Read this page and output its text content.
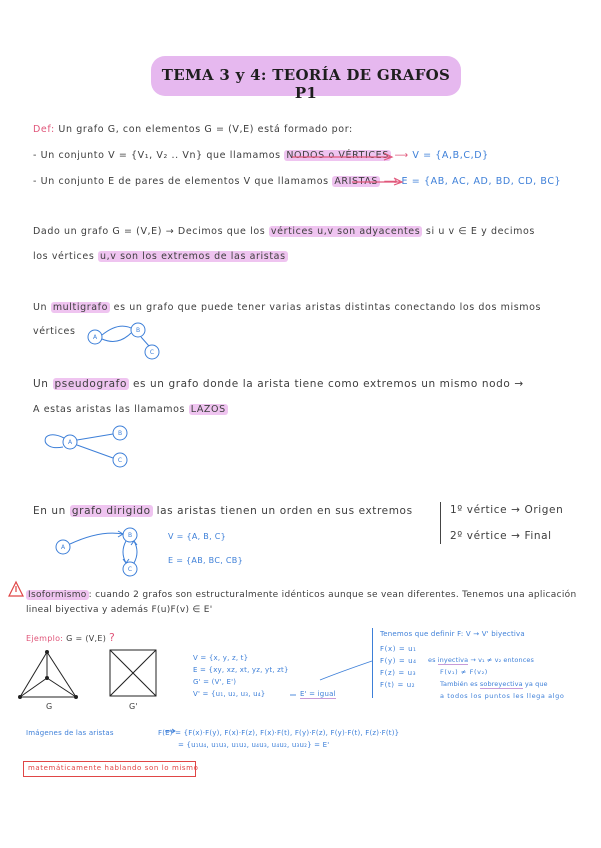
TEMA 3 y 4: TEORÍA DE GRAFOS P1
Def: Un grafo G, con elementos G = (V,E) está formado por:
- Un conjunto V = {V₁, V₂ .. Vn} que llamamos NODOS o VÉRTICES ⟶ V = {A,B,C,D}
- Un conjunto E de pares de elementos V que llamamos ARISTAS ⟶ E = {AB, AC, AD, BD, CD, BC}
Dado un grafo G = (V,E) → Decimos que los vértices u,v son adyacentes si u v ∈ E y decimos
los vértices u,v son los extremos de las aristas
Un multigrafo es un grafo que puede tener varias aristas distintas conectando los dos mismos
vértices
Un pseudografo es un grafo donde la arista tiene como extremos un mismo nodo →
A estas aristas las llamamos LAZOS
En un grafo dirigido las aristas tienen un orden en sus extremos	1º vértice → Origen
2º vértice → Final
V = {A, B, C}
E = {AB, BC, CB}
Isoformismo : cuando 2 grafos son estructuralmente idénticos aunque se vean diferentes. Tenemos una aplicación
lineal biyectiva y además F(u)F(v) ∈ E'
Ejemplo: G = (V,E) ?
G	G'
V = {x, y, z, t}
E = {xy, xz, xt, yz, yt, zt}
G' = (V', E')
V' = {u₁, u₂, u₃, u₄}	E' = igual
Tenemos que definir F: V → V' biyectiva
F(x) = u₁
F(y) = u₄
F(z) = u₃
F(t) = u₂
es inyectiva → v₁ ≠ v₂ entonces
F(v₁) ≠ F(v₂)
También es sobreyectiva ya que
a todos los puntos les llega algo
Imágenes de las aristas	F(E) = {F(x)·F(y), F(x)·F(z), F(x)·F(t), F(y)·F(z), F(y)·F(t), F(z)·F(t)}
= {u₁u₄, u₁u₃, u₁u₂, u₄u₃, u₄u₂, u₃u₂} = E'
matemáticamente hablando son lo mismo
A
B
C
A
B
C
A
B
C
